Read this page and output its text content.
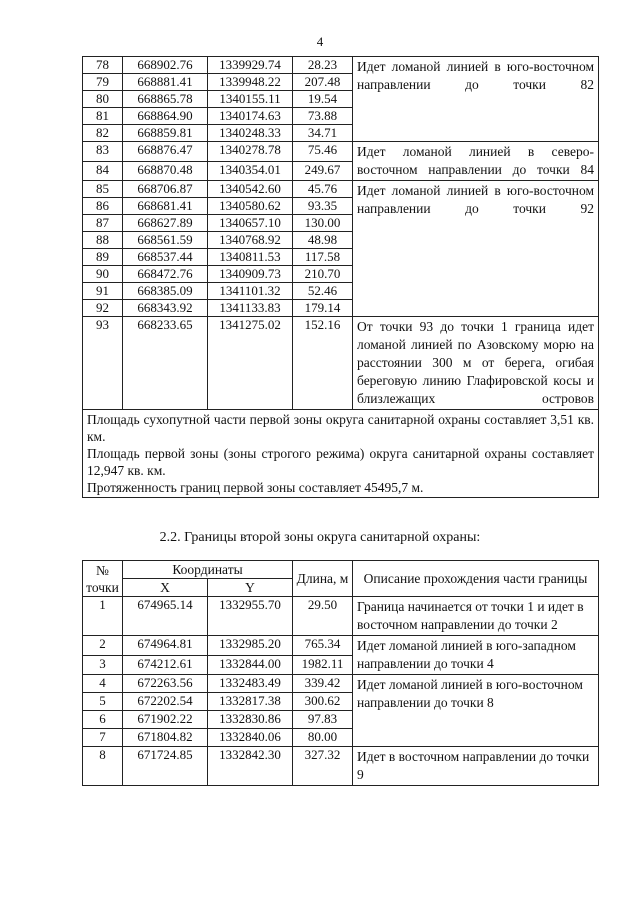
4
78	668902.76	1339929.74	28.23	Идет ломаной линией в юго-восточном направлении до точки 82
79	668881.41	1339948.22	207.48	
80	668865.78	1340155.11	19.54	
81	668864.90	1340174.63	73.88	
82	668859.81	1340248.33	34.71	
83	668876.47	1340278.78	75.46	Идет ломаной линией в северо-восточном направлении до точки 84
84	668870.48	1340354.01	249.67	
85	668706.87	1340542.60	45.76	Идет ломаной линией в юго-восточном направлении до точки 92
86	668681.41	1340580.62	93.35	
87	668627.89	1340657.10	130.00	
88	668561.59	1340768.92	48.98	
89	668537.44	1340811.53	117.58	
90	668472.76	1340909.73	210.70	
91	668385.09	1341101.32	52.46	
92	668343.92	1341133.83	179.14	
93	668233.65	1341275.02	152.16	От точки 93 до точки 1 граница идет ломаной линией по Азовскому морю на расстоянии 300 м от берега, огибая береговую линию Глафировской косы и близлежащих островов

Площадь сухопутной части первой зоны округа санитарной охраны составляет 3,51 кв. км.
Площадь первой зоны (зоны строгого режима) округа санитарной охраны составляет 12,947 кв. км.
Протяженность границ первой зоны составляет 45495,7 м.				
2.2. Границы второй зоны округа санитарной охраны:
№ точки	Координаты		Длина, м	Описание прохождения части границы
	X	Y		
1	674965.14	1332955.70	29.50	Граница начинается от точки 1 и идет в восточном направлении до точки 2
2	674964.81	1332985.20	765.34	Идет ломаной линией в юго-западном направлении до точки 4
3	674212.61	1332844.00	1982.11	
4	672263.56	1332483.49	339.42	Идет ломаной линией в юго-восточном направлении до точки 8
5	672202.54	1332817.38	300.62	
6	671902.22	1332830.86	97.83	
7	671804.82	1332840.06	80.00	
8	671724.85	1332842.30	327.32	Идет в восточном направлении до точки 9
